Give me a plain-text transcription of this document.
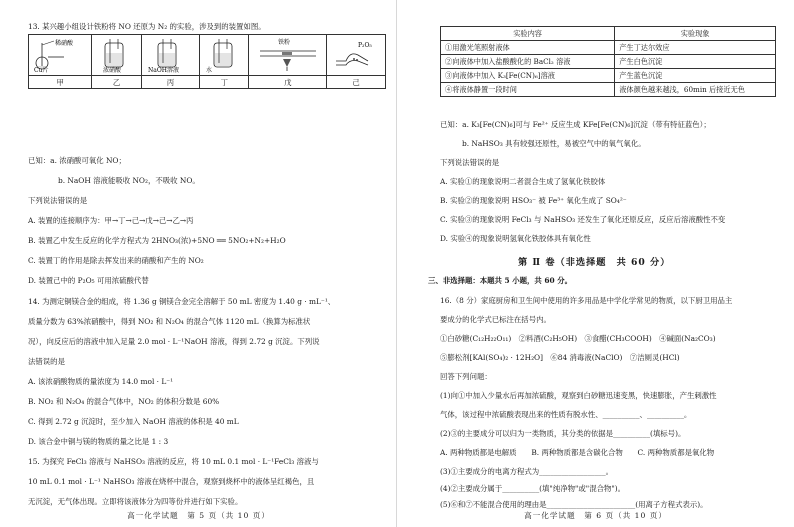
13. 某兴趣小组设计铁粉将 NO 还原为 N₂ 的实验，涉及到的装置如图。
稀硝酸
Cu片	浓硝酸	NaOH溶液	水	铁粉	P₂O₅

甲	乙	丙	丁	戊	己
已知：a. 浓硝酸可氧化 NO；
b. NaOH 溶液能吸收 NO₂，不吸收 NO。
下列说法错误的是
A. 装置的连接顺序为：甲→丁→己→戊→己→乙→丙
B. 装置乙中发生反应的化学方程式为 2HNO₃(浓)+5NO ══ 5NO₂+N₂+H₂O
C. 装置丁的作用是除去挥发出来的硝酸和产生的 NO₂
D. 装置己中的 P₂O₅ 可用浓硫酸代替
14. 为测定铜镁合金的组成，将 1.36 g 铜镁合金完全溶解于 50 mL 密度为 1.40 g · mL⁻¹、
质量分数为 63%浓硝酸中，得到 NO₂ 和 N₂O₄ 的混合气体 1120 mL（换算为标准状
况），向反应后的溶液中加入足量 2.0 mol · L⁻¹NaOH 溶液，得到 2.72 g 沉淀。下列说
法错误的是
A. 该浓硝酸物质的量浓度为 14.0 mol · L⁻¹
B. NO₂ 和 N₂O₄ 的混合气体中，NO₂ 的体积分数是 60%
C. 得到 2.72 g 沉淀时，至少加入 NaOH 溶液的体积是 40 mL
D. 该合金中铜与镁的物质的量之比是 1 : 3
15. 为探究 FeCl₃ 溶液与 NaHSO₃ 溶液的反应，将 10 mL 0.1 mol · L⁻¹FeCl₃ 溶液与
10 mL 0.1 mol · L⁻¹ NaHSO₃ 溶液在烧杯中混合，观察到烧杯中的液体呈红褐色，且
无沉淀，无气体出现。立即将该液体分为四等份并进行如下实验。
高一化学试题　第 5 页（共 10 页）
实验内容	实验现象
①用激光笔照射液体	产生丁达尔效应
②向液体中加入盐酸酸化的 BaCl₂ 溶液	产生白色沉淀
③向液体中加入 K₃[Fe(CN)₆]溶液	产生蓝色沉淀
④将液体静置一段时间	液体颜色越来越浅，60min 后接近无色
已知：a. K₃[Fe(CN)₆]可与 Fe²⁺ 反应生成 KFe[Fe(CN)₆]沉淀（带有特征蓝色）；
b. NaHSO₃ 具有较强还原性，易被空气中的氧气氧化。
下列说法错误的是
A. 实验①的现象说明二者混合生成了氢氧化铁胶体
B. 实验②的现象说明 HSO₃⁻ 被 Fe³⁺ 氧化生成了 SO₄²⁻
C. 实验③的现象说明 FeCl₃ 与 NaHSO₃ 还发生了氧化还原反应，反应后溶液酸性不变
D. 实验④的现象说明氢氧化铁胶体具有氧化性
第 Ⅱ 卷（非选择题　共 60 分）
三、非选择题：本题共 5 小题，共 60 分。
16.（8 分）家庭厨房和卫生间中使用的许多用品是中学化学常见的物质，以下厨卫用品主
要成分的化学式已标注在括号内。
①白砂糖(C₁₂H₂₂O₁₁)　②料酒(C₂H₅OH)　③食醋(CH₃COOH)　④碱面(Na₂CO₃)
⑤膨松剂[KAl(SO₄)₂ · 12H₂O]　⑥84 消毒液(NaClO)　⑦洁厕灵(HCl)
回答下列问题：
(1)向①中加入少量水后再加浓硫酸，观察到白砂糖迅速变黑，快速膨胀，产生刺激性
气体，该过程中浓硫酸表现出来的性质有脱水性、__________、__________。
(2)③的主要成分可以归为一类物质，其分类的依据是__________(填标号)。
A. 两种物质都是电解质　　B. 两种物质都是含碳化合物　　C. 两种物质都是氧化物
(3)①主要成分的电离方程式为__________________。
(4)②主要成分属于__________(填"纯净物"或"混合物")。
(5)⑥和⑦不能混合使用的理由是________________________(用离子方程式表示)。
高一化学试题　第 6 页（共 10 页）
